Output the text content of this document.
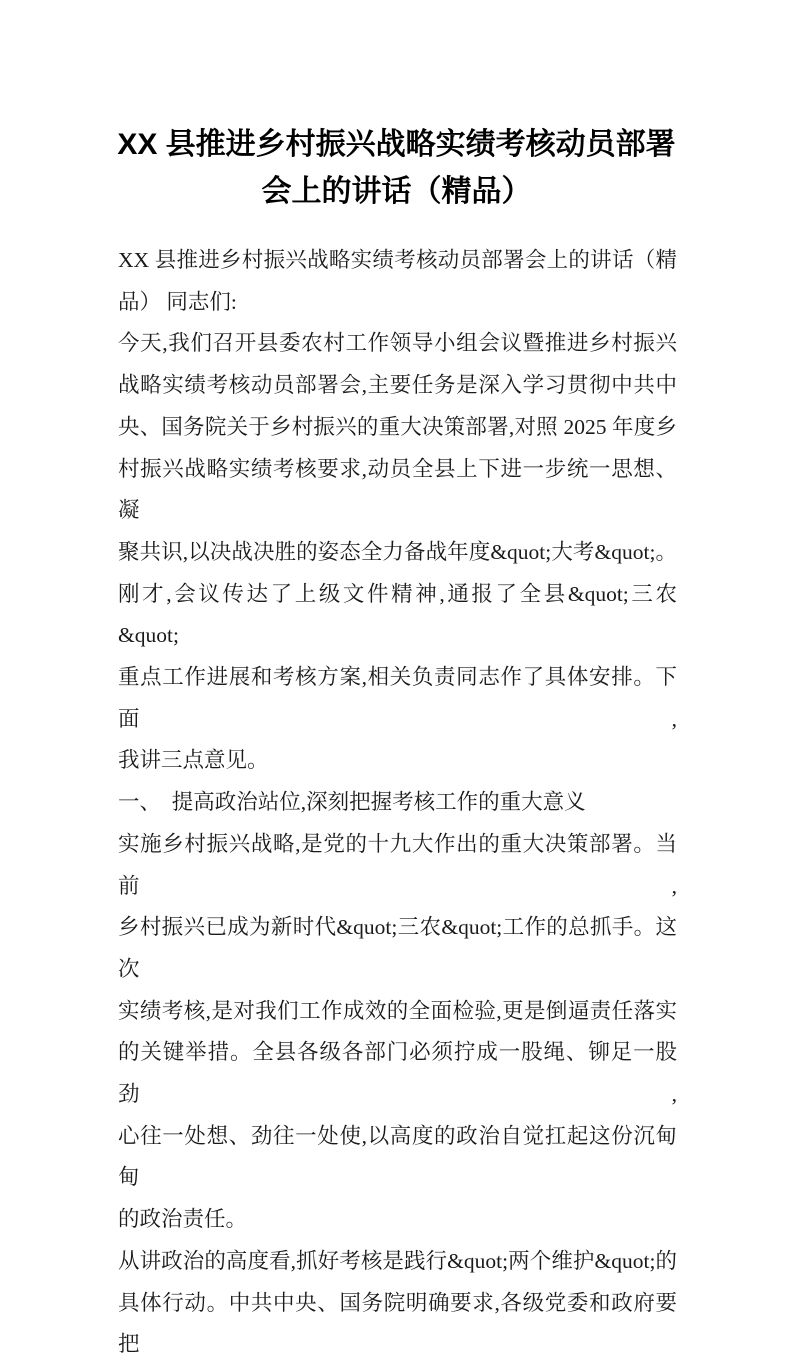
XX 县推进乡村振兴战略实绩考核动员部署
会上的讲话（精品）
XX 县推进乡村振兴战略实绩考核动员部署会上的讲话（精
品） 同志们:
今天,我们召开县委农村工作领导小组会议暨推进乡村振兴
战略实绩考核动员部署会,主要任务是深入学习贯彻中共中
央、国务院关于乡村振兴的重大决策部署,对照 2025 年度乡
村振兴战略实绩考核要求,动员全县上下进一步统一思想、凝
聚共识,以决战决胜的姿态全力备战年度&quot;大考&quot;。
刚才,会议传达了上级文件精神,通报了全县&quot;三农&quot;
重点工作进展和考核方案,相关负责同志作了具体安排。下面,
我讲三点意见。
一、　提高政治站位,深刻把握考核工作的重大意义
实施乡村振兴战略,是党的十九大作出的重大决策部署。当前,
乡村振兴已成为新时代&quot;三农&quot;工作的总抓手。这次
实绩考核,是对我们工作成效的全面检验,更是倒逼责任落实
的关键举措。全县各级各部门必须拧成一股绳、铆足一股劲,
心往一处想、劲往一处使,以高度的政治自觉扛起这份沉甸甸
的政治责任。
从讲政治的高度看,抓好考核是践行&quot;两个维护&quot;的
具体行动。中共中央、国务院明确要求,各级党委和政府要把
